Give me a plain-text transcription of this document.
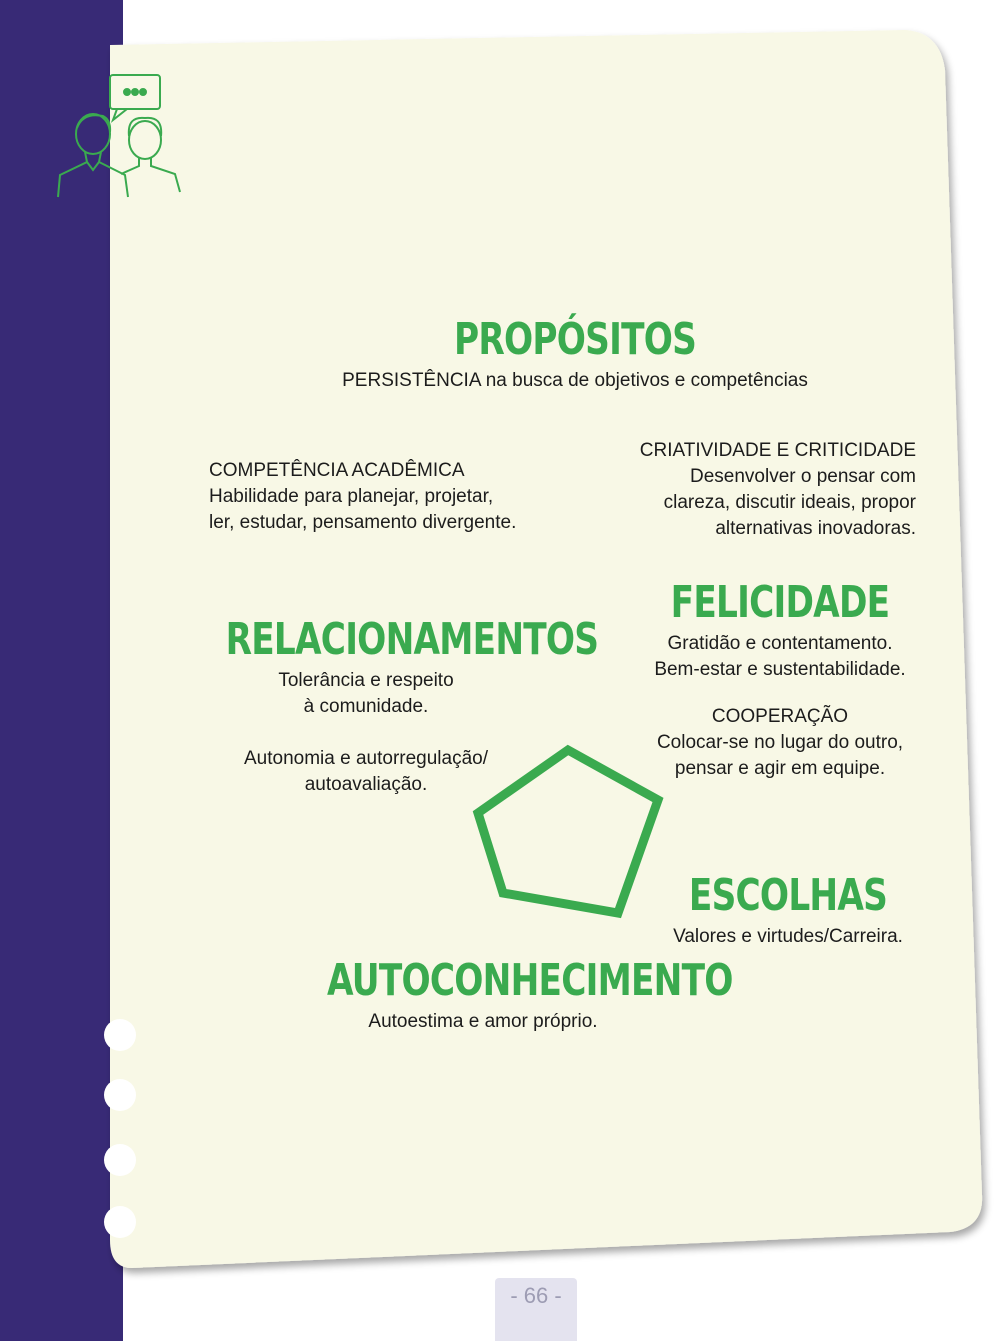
PROPÓSITOS
PERSISTÊNCIA na busca de objetivos e competências
COMPETÊNCIA ACADÊMICA
Habilidade para planejar, projetar,
ler, estudar, pensamento divergente.
CRIATIVIDADE E CRITICIDADE
Desenvolver o pensar com
clareza, discutir ideais, propor
alternativas inovadoras.
RELACIONAMENTOS
Tolerância e respeito
à comunidade.

Autonomia e autorregulação/
autoavaliação.
FELICIDADE
Gratidão e contentamento.
Bem-estar e sustentabilidade.
COOPERAÇÃO
Colocar-se no lugar do outro,
pensar e agir em equipe.
ESCOLHAS
Valores e virtudes/Carreira.
AUTOCONHECIMENTO
Autoestima e amor próprio.
- 66 -
